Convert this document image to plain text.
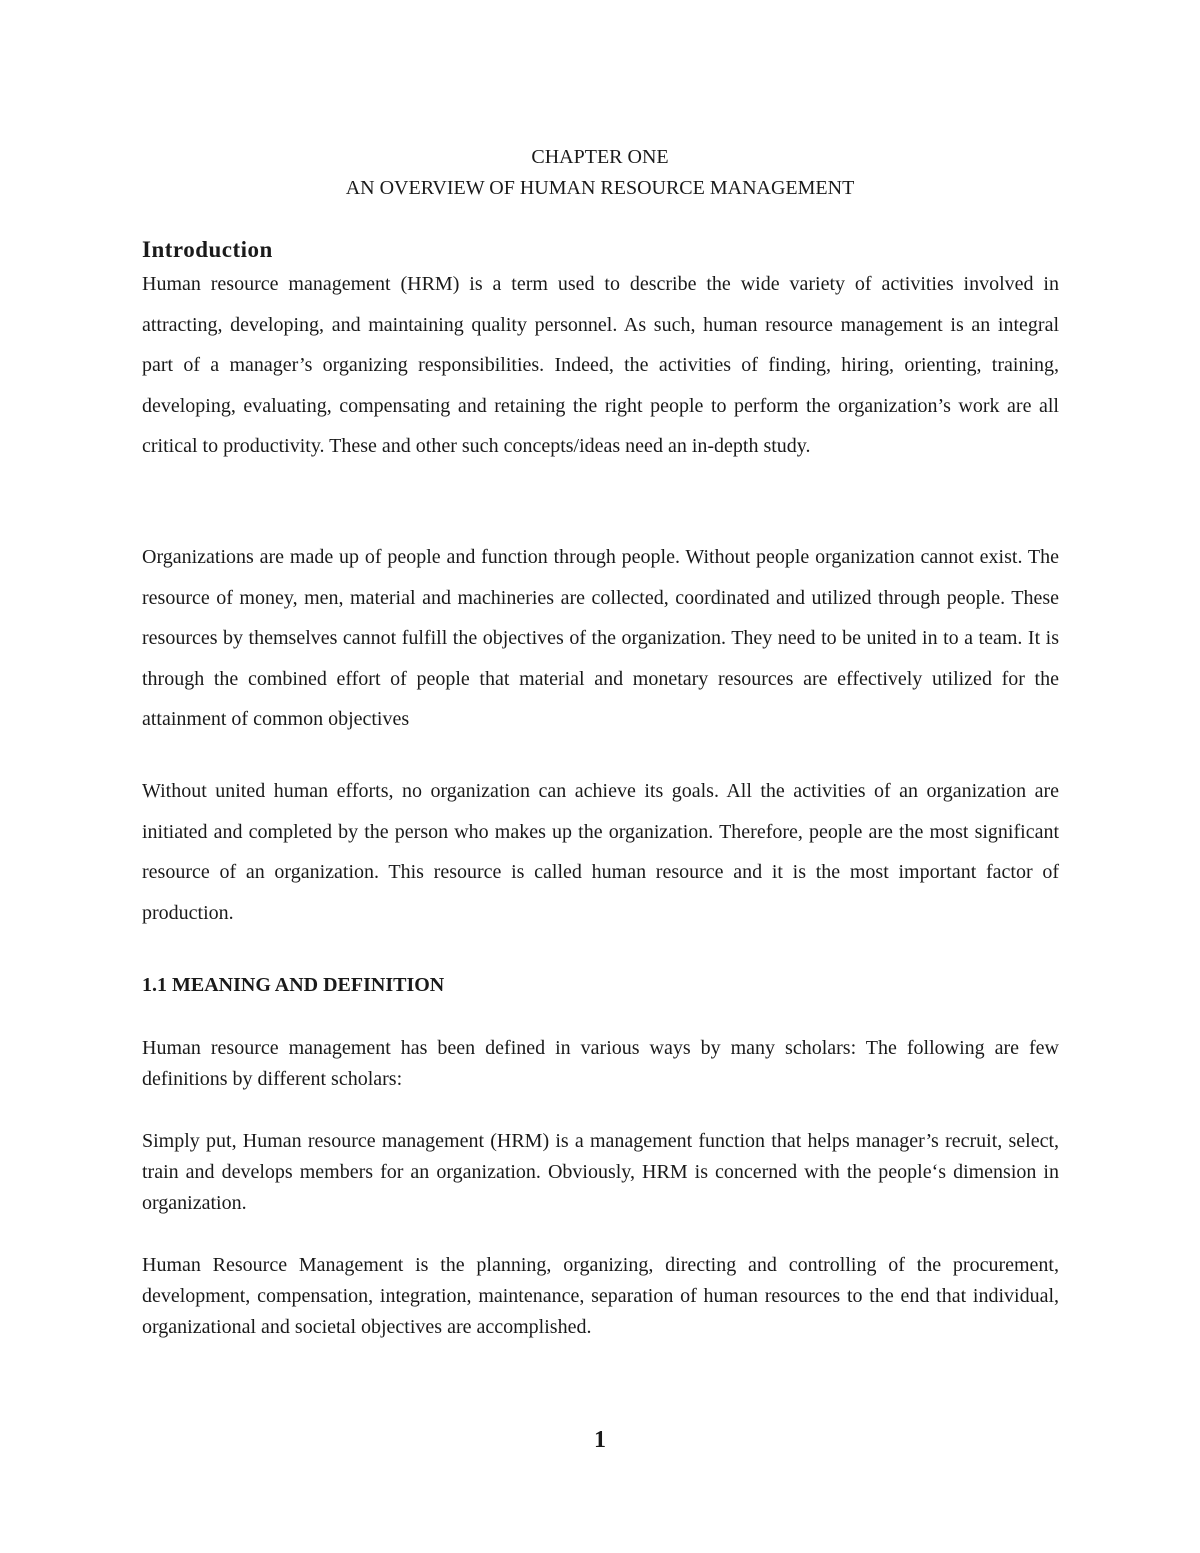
CHAPTER ONE
AN OVERVIEW OF HUMAN RESOURCE MANAGEMENT
Introduction

Human resource management (HRM) is a term used to describe the wide variety of activities involved in attracting, developing, and maintaining quality personnel. As such, human resource management is an integral part of a manager’s organizing responsibilities. Indeed, the activities of finding, hiring, orienting, training, developing, evaluating, compensating and retaining the right people to perform the organization’s work are all critical to productivity. These and other such concepts/ideas need an in-depth study.

Organizations are made up of people and function through people. Without people organization cannot exist. The resource of money, men, material and machineries are collected, coordinated and utilized through people. These resources by themselves cannot fulfill the objectives of the organization. They need to be united in to a team. It is through the combined effort of people that material and monetary resources are effectively utilized for the attainment of common objectives

Without united human efforts, no organization can achieve its goals. All the activities of an organization are initiated and completed by the person who makes up the organization. Therefore, people are the most significant resource of an organization. This resource is called human resource and it is the most important factor of production.

1.1 MEANING AND DEFINITION

Human resource management has been defined in various ways by many scholars: The following are few definitions by different scholars:

Simply put, Human resource management (HRM) is a management function that helps manager’s recruit, select, train and develops members for an organization. Obviously, HRM is concerned with the people‘s dimension in organization.

Human Resource Management is the planning, organizing, directing and controlling of the procurement, development, compensation, integration, maintenance, separation of human resources to the end that individual, organizational and societal objectives are accomplished.

1
